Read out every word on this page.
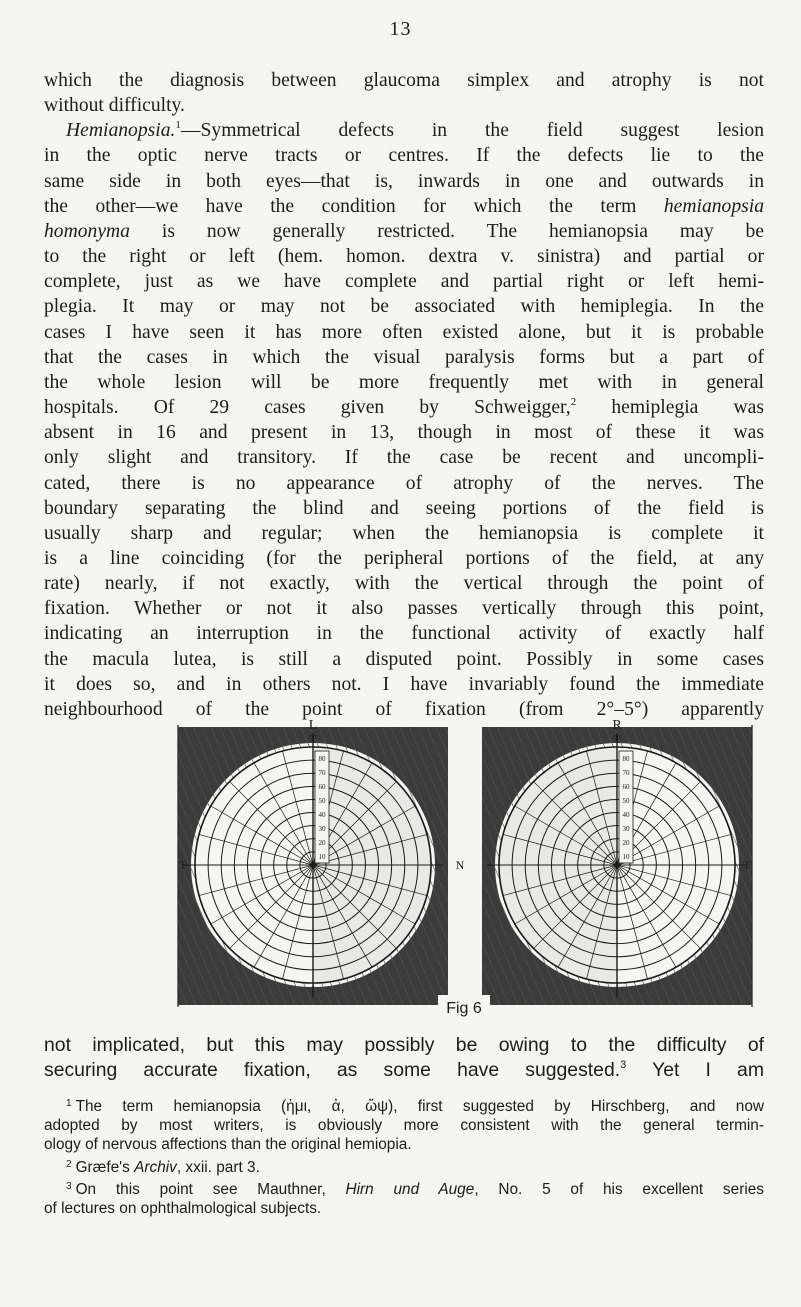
13
which the diagnosis between glaucoma simplex and atrophy is not
without difficulty.
Hemianopsia.$^1$—Symmetrical defects in the field suggest lesion
in the optic nerve tracts or centres. If the defects lie to the
same side in both eyes—that is, inwards in one and outwards in
the other—we have the condition for which the term hemianopsia
homonyma is now generally restricted. The hemianopsia may be
to the right or left (hem. homon. dextra v. sinistra) and partial or
complete, just as we have complete and partial right or left hemi-
plegia. It may or may not be associated with hemiplegia. In the
cases I have seen it has more often existed alone, but it is probable
that the cases in which the visual paralysis forms but a part of
the whole lesion will be more frequently met with in general
hospitals. Of 29 cases given by Schweigger,$^2$ hemiplegia was
absent in 16 and present in 13, though in most of these it was
only slight and transitory. If the case be recent and uncompli-
cated, there is no appearance of atrophy of the nerves. The
boundary separating the blind and seeing portions of the field is
usually sharp and regular; when the hemianopsia is complete it
is a line coinciding (for the peripheral portions of the field, at any
rate) nearly, if not exactly, with the vertical through the point of
fixation. Whether or not it also passes vertically through this point,
indicating an interruption in the functional activity of exactly half
the macula lutea, is still a disputed point. Possibly in some cases
it does so, and in others not. I have invariably found the immediate
neighbourhood of the point of fixation (from 2°–5°) apparently
80
70
60
50
40
30
20
10
L
90
T
80
70
60
50
40
30
20
10
R
90
T
N
Fig 6
not implicated, but this may possibly be owing to the difficulty of
securing accurate fixation, as some have suggested.$^3$ Yet I am
$^1$ The term hemianopsia (ἡμι, ἀ, ὤψ), first suggested by Hirschberg, and now
adopted by most writers, is obviously more consistent with the general termin-
ology of nervous affections than the original hemiopia.
$^2$ Græfe's Archiv, xxii. part 3.
$^3$ On this point see Mauthner, Hirn und Auge, No. 5 of his excellent series
of lectures on ophthalmological subjects.
